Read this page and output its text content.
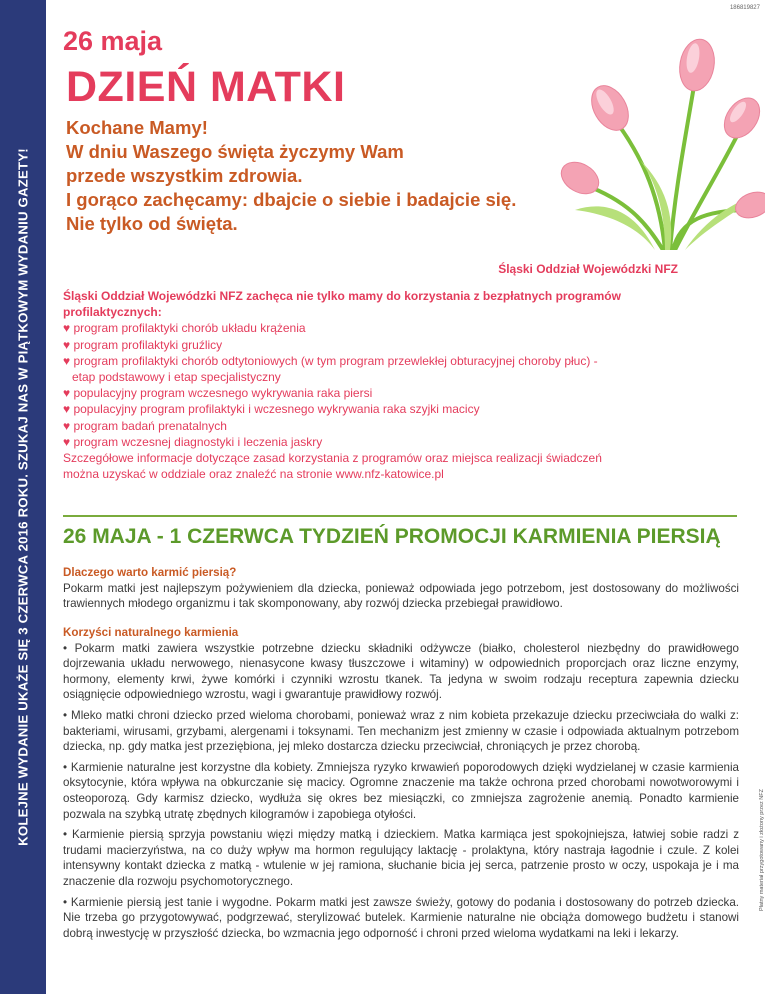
KOLEJNE WYDANIE UKAŻE SIĘ 3 CZERWCA 2016 ROKU. SZUKAJ NAS W PIĄTKOWYM WYDANIU GAZETY!
186819827
Płatny materiał przygotowany i złożony przez NFZ
26 maja
DZIEŃ MATKI
Kochane Mamy!
W dniu Waszego święta życzymy Wam
przede wszystkim zdrowia.
I gorąco zachęcamy: dbajcie o siebie i badajcie się.
Nie tylko od święta.
Śląski Oddział Wojewódzki NFZ
Śląski Oddział Wojewódzki NFZ zachęca nie tylko mamy do korzystania z bezpłatnych programów
profilaktycznych:
♥ program profilaktyki chorób układu krążenia
♥ program profilaktyki gruźlicy
♥ program profilaktyki chorób odtytoniowych (w tym program przewlekłej obturacyjnej choroby płuc) -
etap podstawowy i etap specjalistyczny
♥ populacyjny program wczesnego wykrywania raka piersi
♥ populacyjny program profilaktyki i wczesnego wykrywania raka szyjki macicy
♥ program badań prenatalnych
♥ program wczesnej diagnostyki i leczenia jaskry
Szczegółowe informacje dotyczące zasad korzystania z programów oraz miejsca realizacji świadczeń
można uzyskać w oddziale oraz znaleźć na stronie www.nfz-katowice.pl
26 MAJA - 1 CZERWCA TYDZIEŃ PROMOCJI KARMIENIA PIERSIĄ
Dlaczego warto karmić piersią?
Pokarm matki jest najlepszym pożywieniem dla dziecka, ponieważ odpowiada jego potrzebom, jest dostosowany do możliwości trawiennych młodego organizmu i tak skomponowany, aby rozwój dziecka przebiegał prawidłowo.
Korzyści naturalnego karmienia

• Pokarm matki zawiera wszystkie potrzebne dziecku składniki odżywcze (białko, cholesterol niezbędny do prawidłowego dojrzewania układu nerwowego, nienasycone kwasy tłuszczowe i witaminy) w odpowiednich proporcjach oraz liczne enzymy, hormony, elementy krwi, żywe komórki i czynniki wzrostu tkanek. Ta jedyna w swoim rodzaju receptura zapewnia dziecku osiągnięcie odpowiedniego wzrostu, wagi i gwarantuje prawidłowy rozwój.

• Mleko matki chroni dziecko przed wieloma chorobami, ponieważ wraz z nim kobieta przekazuje dziecku przeciwciała do walki z: bakteriami, wirusami, grzybami, alergenami i toksynami. Ten mechanizm jest zmienny w czasie i odpowiada aktualnym potrzebom dziecka, np. gdy matka jest przeziębiona, jej mleko dostarcza dziecku przeciwciał, chroniących je przez chorobą.

• Karmienie naturalne jest korzystne dla kobiety. Zmniejsza ryzyko krwawień poporodowych dzięki wydzielanej w czasie karmienia oksytocynie, która wpływa na obkurczanie się macicy. Ogromne znaczenie ma także ochrona przed chorobami nowotworowymi i osteoporozą. Gdy karmisz dziecko, wydłuża się okres bez miesiączki, co zmniejsza zagrożenie anemią. Ponadto karmienie pozwala na szybką utratę zbędnych kilogramów i zapobiega otyłości.

• Karmienie piersią sprzyja powstaniu więzi między matką i dzieckiem. Matka karmiąca jest spokojniejsza, łatwiej sobie radzi z trudami macierzyństwa, na co duży wpływ ma hormon regulujący laktację - prolaktyna, który nastraja łagodnie i czule. Z kolei intensywny kontakt dziecka z matką - wtulenie w jej ramiona, słuchanie bicia jej serca, patrzenie prosto w oczy, uspokaja je i ma znaczenie dla rozwoju psychomotorycznego.

• Karmienie piersią jest tanie i wygodne. Pokarm matki jest zawsze świeży, gotowy do podania i dostosowany do potrzeb dziecka. Nie trzeba go przygotowywać, podgrzewać, sterylizować butelek. Karmienie naturalne nie obciąża domowego budżetu i stanowi dobrą inwestycję w przyszłość dziecka, bo wzmacnia jego odporność i chroni przed wieloma wydatkami na leki i lekarzy.
